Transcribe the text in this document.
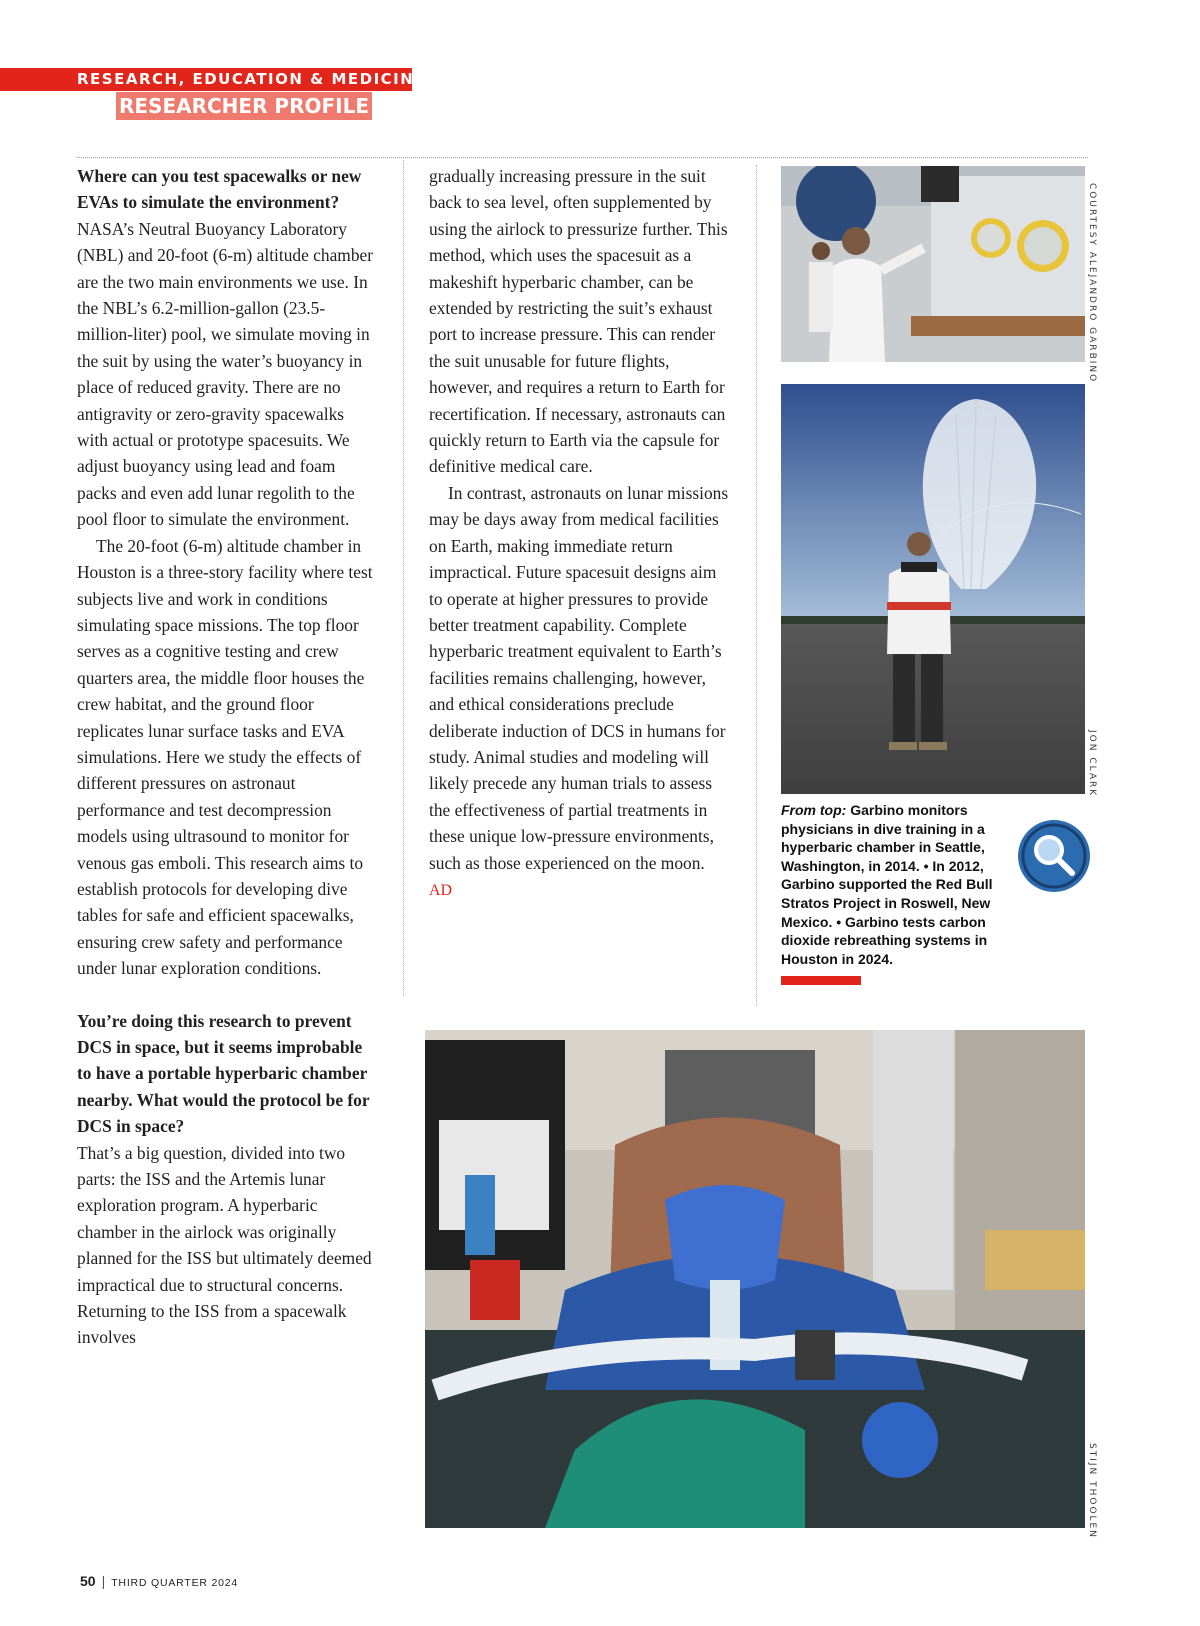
RESEARCH, EDUCATION & MEDICINE
RESEARCHER PROFILE

Where can you test spacewalks or new EVAs to simulate the environment?

NASA’s Neutral Buoyancy Laboratory (NBL) and 20-foot (6-m) altitude chamber are the two main environments we use. In the NBL’s 6.2-million-gallon (23.5-million-liter) pool, we simulate moving in the suit by using the water’s buoyancy in place of reduced gravity. There are no antigravity or zero-gravity spacewalks with actual or prototype spacesuits. We adjust buoyancy using lead and foam packs and even add lunar regolith to the pool floor to simulate the environment.

The 20-foot (6-m) altitude chamber in Houston is a three-story facility where test subjects live and work in conditions simulating space missions. The top floor serves as a cognitive testing and crew quarters area, the middle floor houses the crew habitat, and the ground floor replicates lunar surface tasks and EVA simulations. Here we study the effects of different pressures on astronaut performance and test decompression models using ultrasound to monitor for venous gas emboli. This research aims to establish protocols for developing dive tables for safe and efficient spacewalks, ensuring crew safety and performance under lunar exploration conditions.

You’re doing this research to prevent DCS in space, but it seems improbable to have a portable hyperbaric chamber nearby. What would the protocol be for DCS in space?

That’s a big question, divided into two parts: the ISS and the Artemis lunar exploration program. A hyperbaric chamber in the airlock was originally planned for the ISS but ultimately deemed impractical due to structural concerns. Returning to the ISS from a spacewalk involves

gradually increasing pressure in the suit back to sea level, often supplemented by using the airlock to pressurize further. This method, which uses the spacesuit as a makeshift hyperbaric chamber, can be extended by restricting the suit’s exhaust port to increase pressure. This can render the suit unusable for future flights, however, and requires a return to Earth for recertification. If necessary, astronauts can quickly return to Earth via the capsule for definitive medical care.

In contrast, astronauts on lunar missions may be days away from medical facilities on Earth, making immediate return impractical. Future spacesuit designs aim to operate at higher pressures to provide better treatment capability. Complete hyperbaric treatment equivalent to Earth’s facilities remains challenging, however, and ethical considerations preclude deliberate induction of DCS in humans for study. Animal studies and modeling will likely precede any human trials to assess the effectiveness of partial treatments in these unique low-pressure environments, such as those experienced on the moon. AD

COURTESY ALEJANDRO GARBINO
JON CLARK
From top: Garbino monitors physicians in dive training in a hyperbaric chamber in Seattle, Washington, in 2014. • In 2012, Garbino supported the Red Bull Stratos Project in Roswell, New Mexico. • Garbino tests carbon dioxide rebreathing systems in Houston in 2024.
STIJN THOOLEN
50 | THIRD QUARTER 2024
